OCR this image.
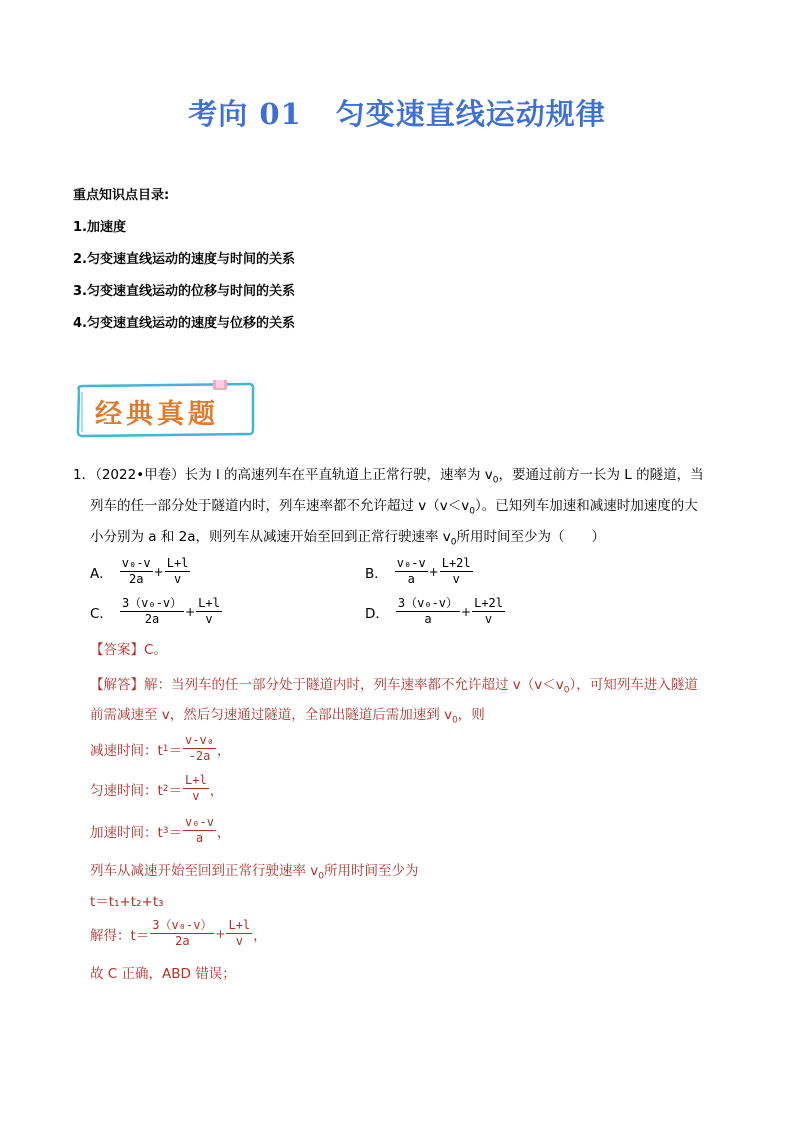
考向 01 匀变速直线运动规律
重点知识点目录:
1.加速度
2.匀变速直线运动的速度与时间的关系
3.匀变速直线运动的位移与时间的关系
4.匀变速直线运动的速度与位移的关系
经典真题
1．（2022•甲卷）长为 l 的高速列车在平直轨道上正常行驶，速率为 $v_0$，要通过前方一长为 L 的隧道，当
列车的任一部分处于隧道内时，列车速率都不允许超过 $v(v<v_0)$。已知列车加速和减速时加速度的大
小分别为 a 和 2a，则列车从减速开始至回到正常行驶速率 $v_0$所用时间至少为（　　）
A． $\frac{\text{v₀-v}}{2a} + \frac{L+l}{v}$	B． $\frac{\text{v₀-v}}{a} + \frac{L+2l}{v}$
C． $\frac{\text{3（v₀-v）}}{2a} + \frac{L+l}{v}$	D． $\frac{\text{3（v₀-v）}}{a} + \frac{L+2l}{v}$
【答案】C。
【解答】解：当列车的任一部分处于隧道内时，列车速率都不允许超过 $v(v<v_0)$，可知列车进入隧道
前需减速至 v，然后匀速通过隧道，全部出隧道后需加速到 $v_0$，则
减速时间：t $1 = \frac{\text{v-v₀}}{-2a}$ ，
匀速时间：t $2 = \frac{L+l}{v}$ ，
加速时间：t $3 = \frac{\text{v₀-v}}{a}$ ，
列车从减速开始至回到正常行驶速率 $v_0$所用时间至少为
t＝t₁+t₂+t₃
解得：$t= \frac{\text{3（v₀-v）}}{2a} + \frac{L+l}{v}$ ，
故 C 正确，ABD 错误；
